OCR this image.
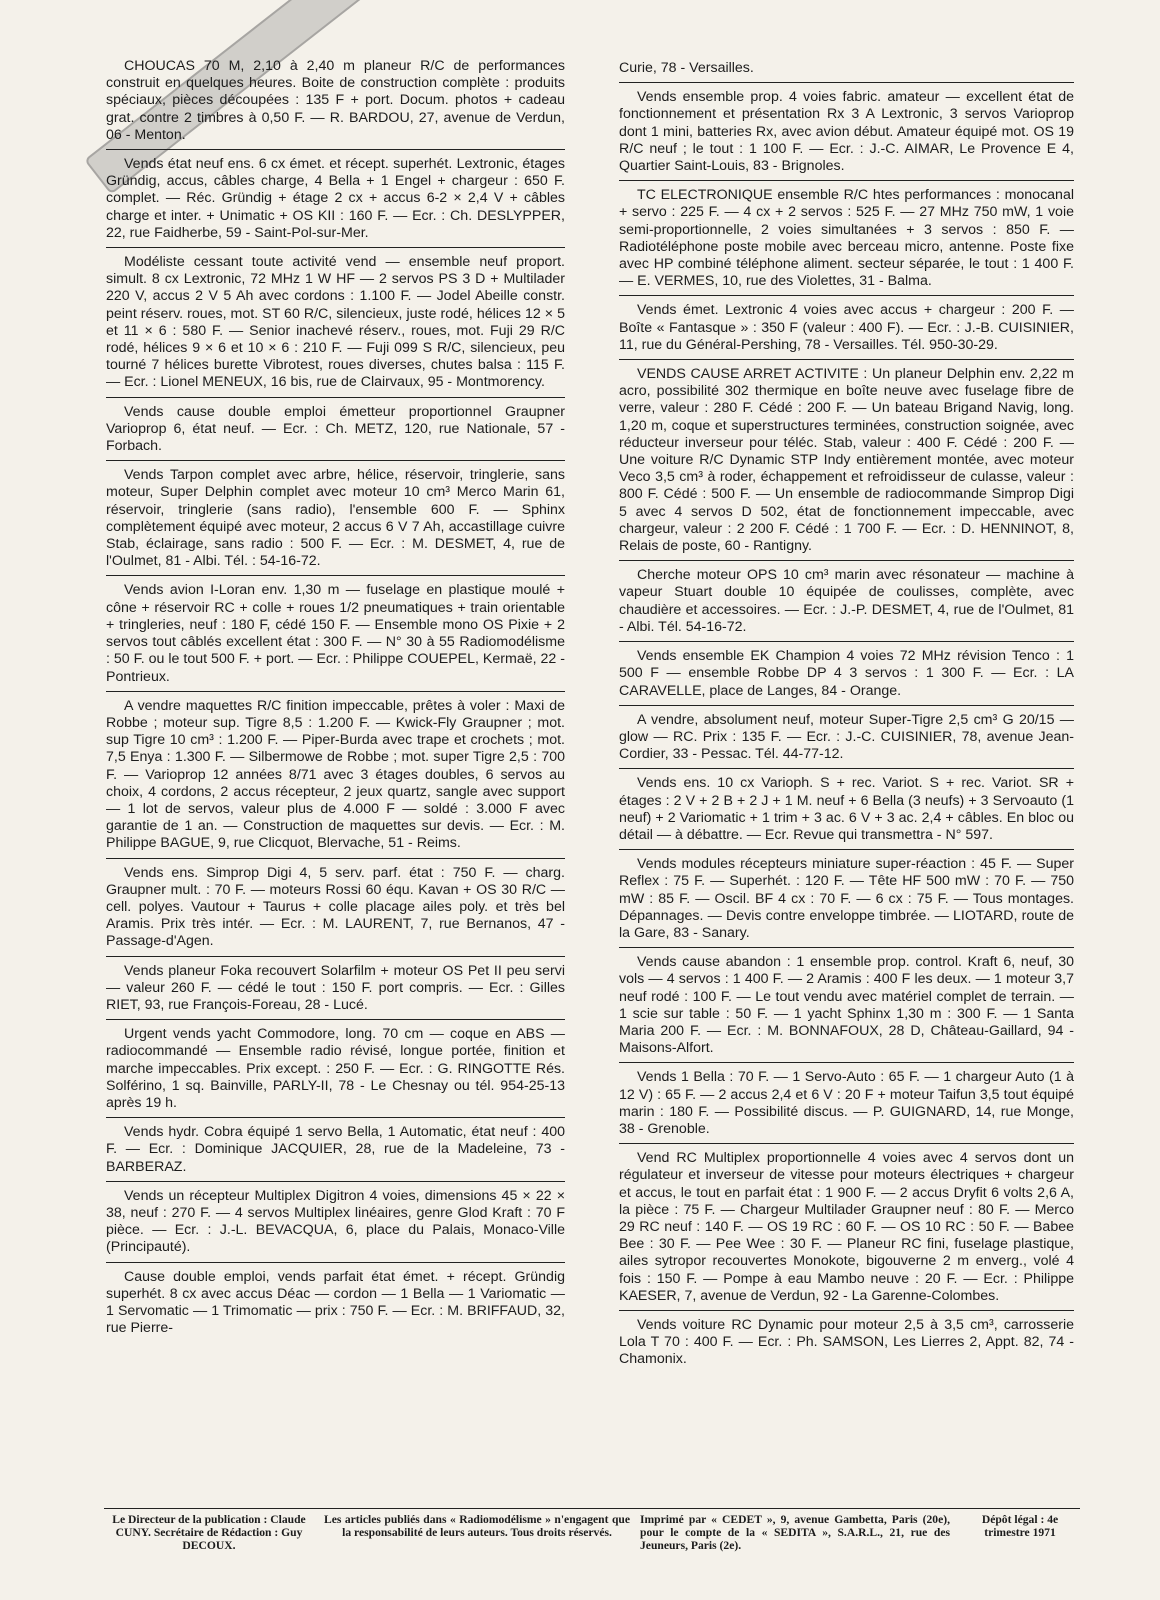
CHOUCAS 70 M, 2,10 à 2,40 m planeur R/C de performances construit en quelques heures. Boite de construction complète : produits spéciaux, pièces découpées : 135 F + port. Docum. photos + cadeau grat. contre 2 timbres à 0,50 F. — R. BARDOU, 27, avenue de Verdun, 06 - Menton.

Vends état neuf ens. 6 cx émet. et récept. superhét. Lextronic, étages Gründig, accus, câbles charge, 4 Bella + 1 Engel + chargeur : 650 F. complet. — Réc. Gründig + étage 2 cx + accus 6-2 × 2,4 V + câbles charge et inter. + Unimatic + OS KII : 160 F. — Ecr. : Ch. DESLYPPER, 22, rue Faidherbe, 59 - Saint-Pol-sur-Mer.

Modéliste cessant toute activité vend — ensemble neuf proport. simult. 8 cx Lextronic, 72 MHz 1 W HF — 2 servos PS 3 D + Multilader 220 V, accus 2 V 5 Ah avec cordons : 1.100 F. — Jodel Abeille constr. peint réserv. roues, mot. ST 60 R/C, silencieux, juste rodé, hélices 12 × 5 et 11 × 6 : 580 F. — Senior inachevé réserv., roues, mot. Fuji 29 R/C rodé, hélices 9 × 6 et 10 × 6 : 210 F. — Fuji 099 S R/C, silencieux, peu tourné 7 hélices burette Vibrotest, roues diverses, chutes balsa : 115 F. — Ecr. : Lionel MENEUX, 16 bis, rue de Clairvaux, 95 - Montmorency.

Vends cause double emploi émetteur proportionnel Graupner Varioprop 6, état neuf. — Ecr. : Ch. METZ, 120, rue Nationale, 57 - Forbach.

Vends Tarpon complet avec arbre, hélice, réservoir, tringlerie, sans moteur, Super Delphin complet avec moteur 10 cm³ Merco Marin 61, réservoir, tringlerie (sans radio), l'ensemble 600 F. — Sphinx complètement équipé avec moteur, 2 accus 6 V 7 Ah, accastillage cuivre Stab, éclairage, sans radio : 500 F. — Ecr. : M. DESMET, 4, rue de l'Oulmet, 81 - Albi. Tél. : 54-16-72.

Vends avion I-Loran env. 1,30 m — fuselage en plastique moulé + cône + réservoir RC + colle + roues 1/2 pneumatiques + train orientable + tringleries, neuf : 180 F, cédé 150 F. — Ensemble mono OS Pixie + 2 servos tout câblés excellent état : 300 F. — N° 30 à 55 Radiomodélisme : 50 F. ou le tout 500 F. + port. — Ecr. : Philippe COUEPEL, Kermaë, 22 - Pontrieux.

A vendre maquettes R/C finition impeccable, prêtes à voler : Maxi de Robbe ; moteur sup. Tigre 8,5 : 1.200 F. — Kwick-Fly Graupner ; mot. sup Tigre 10 cm³ : 1.200 F. — Piper-Burda avec trape et crochets ; mot. 7,5 Enya : 1.300 F. — Silbermowe de Robbe ; mot. super Tigre 2,5 : 700 F. — Varioprop 12 années 8/71 avec 3 étages doubles, 6 servos au choix, 4 cordons, 2 accus récepteur, 2 jeux quartz, sangle avec support — 1 lot de servos, valeur plus de 4.000 F — soldé : 3.000 F avec garantie de 1 an. — Construction de maquettes sur devis. — Ecr. : M. Philippe BAGUE, 9, rue Clicquot, Blervache, 51 - Reims.

Vends ens. Simprop Digi 4, 5 serv. parf. état : 750 F. — charg. Graupner mult. : 70 F. — moteurs Rossi 60 équ. Kavan + OS 30 R/C — cell. polyes. Vautour + Taurus + colle placage ailes poly. et très bel Aramis. Prix très intér. — Ecr. : M. LAURENT, 7, rue Bernanos, 47 - Passage-d'Agen.

Vends planeur Foka recouvert Solarfilm + moteur OS Pet II peu servi — valeur 260 F. — cédé le tout : 150 F. port compris. — Ecr. : Gilles RIET, 93, rue François-Foreau, 28 - Lucé.

Urgent vends yacht Commodore, long. 70 cm — coque en ABS — radiocommandé — Ensemble radio révisé, longue portée, finition et marche impeccables. Prix except. : 250 F. — Ecr. : G. RINGOTTE Rés. Solférino, 1 sq. Bainville, PARLY-II, 78 - Le Chesnay ou tél. 954-25-13 après 19 h.

Vends hydr. Cobra équipé 1 servo Bella, 1 Automatic, état neuf : 400 F. — Ecr. : Dominique JACQUIER, 28, rue de la Madeleine, 73 - BARBERAZ.

Vends un récepteur Multiplex Digitron 4 voies, dimensions 45 × 22 × 38, neuf : 270 F. — 4 servos Multiplex linéaires, genre Glod Kraft : 70 F pièce. — Ecr. : J.-L. BEVACQUA, 6, place du Palais, Monaco-Ville (Principauté).

Cause double emploi, vends parfait état émet. + récept. Gründig superhét. 8 cx avec accus Déac — cordon — 1 Bella — 1 Variomatic — 1 Servomatic — 1 Trimomatic — prix : 750 F. — Ecr. : M. BRIFFAUD, 32, rue Pierre-

Curie, 78 - Versailles.

Vends ensemble prop. 4 voies fabric. amateur — excellent état de fonctionnement et présentation Rx 3 A Lextronic, 3 servos Varioprop dont 1 mini, batteries Rx, avec avion début. Amateur équipé mot. OS 19 R/C neuf ; le tout : 1 100 F. — Ecr. : J.-C. AIMAR, Le Provence E 4, Quartier Saint-Louis, 83 - Brignoles.

TC ELECTRONIQUE ensemble R/C htes performances : monocanal + servo : 225 F. — 4 cx + 2 servos : 525 F. — 27 MHz 750 mW, 1 voie semi-proportionnelle, 2 voies simultanées + 3 servos : 850 F. — Radiotéléphone poste mobile avec berceau micro, antenne. Poste fixe avec HP combiné téléphone aliment. secteur séparée, le tout : 1 400 F. — E. VERMES, 10, rue des Violettes, 31 - Balma.

Vends émet. Lextronic 4 voies avec accus + chargeur : 200 F. — Boîte « Fantasque » : 350 F (valeur : 400 F). — Ecr. : J.-B. CUISINIER, 11, rue du Général-Pershing, 78 - Versailles. Tél. 950-30-29.

VENDS CAUSE ARRET ACTIVITE : Un planeur Delphin env. 2,22 m acro, possibilité 302 thermique en boîte neuve avec fuselage fibre de verre, valeur : 280 F. Cédé : 200 F. — Un bateau Brigand Navig, long. 1,20 m, coque et superstructures terminées, construction soignée, avec réducteur inverseur pour téléc. Stab, valeur : 400 F. Cédé : 200 F. — Une voiture R/C Dynamic STP Indy entièrement montée, avec moteur Veco 3,5 cm³ à roder, échappement et refroidisseur de culasse, valeur : 800 F. Cédé : 500 F. — Un ensemble de radiocommande Simprop Digi 5 avec 4 servos D 502, état de fonctionnement impeccable, avec chargeur, valeur : 2 200 F. Cédé : 1 700 F. — Ecr. : D. HENNINOT, 8, Relais de poste, 60 - Rantigny.

Cherche moteur OPS 10 cm³ marin avec résonateur — machine à vapeur Stuart double 10 équipée de coulisses, complète, avec chaudière et accessoires. — Ecr. : J.-P. DESMET, 4, rue de l'Oulmet, 81 - Albi. Tél. 54-16-72.

Vends ensemble EK Champion 4 voies 72 MHz révision Tenco : 1 500 F — ensemble Robbe DP 4 3 servos : 1 300 F. — Ecr. : LA CARAVELLE, place de Langes, 84 - Orange.

A vendre, absolument neuf, moteur Super-Tigre 2,5 cm³ G 20/15 — glow — RC. Prix : 135 F. — Ecr. : J.-C. CUISINIER, 78, avenue Jean-Cordier, 33 - Pessac. Tél. 44-77-12.

Vends ens. 10 cx Varioph. S + rec. Variot. S + rec. Variot. SR + étages : 2 V + 2 B + 2 J + 1 M. neuf + 6 Bella (3 neufs) + 3 Servoauto (1 neuf) + 2 Variomatic + 1 trim + 3 ac. 6 V + 3 ac. 2,4 + câbles. En bloc ou détail — à débattre. — Ecr. Revue qui transmettra - N° 597.

Vends modules récepteurs miniature super-réaction : 45 F. — Super Reflex : 75 F. — Superhét. : 120 F. — Tête HF 500 mW : 70 F. — 750 mW : 85 F. — Oscil. BF 4 cx : 70 F. — 6 cx : 75 F. — Tous montages. Dépannages. — Devis contre enveloppe timbrée. — LIOTARD, route de la Gare, 83 - Sanary.

Vends cause abandon : 1 ensemble prop. control. Kraft 6, neuf, 30 vols — 4 servos : 1 400 F. — 2 Aramis : 400 F les deux. — 1 moteur 3,7 neuf rodé : 100 F. — Le tout vendu avec matériel complet de terrain. — 1 scie sur table : 50 F. — 1 yacht Sphinx 1,30 m : 300 F. — 1 Santa Maria 200 F. — Ecr. : M. BONNAFOUX, 28 D, Château-Gaillard, 94 - Maisons-Alfort.

Vends 1 Bella : 70 F. — 1 Servo-Auto : 65 F. — 1 chargeur Auto (1 à 12 V) : 65 F. — 2 accus 2,4 et 6 V : 20 F + moteur Taifun 3,5 tout équipé marin : 180 F. — Possibilité discus. — P. GUIGNARD, 14, rue Monge, 38 - Grenoble.

Vend RC Multiplex proportionnelle 4 voies avec 4 servos dont un régulateur et inverseur de vitesse pour moteurs électriques + chargeur et accus, le tout en parfait état : 1 900 F. — 2 accus Dryfit 6 volts 2,6 A, la pièce : 75 F. — Chargeur Multilader Graupner neuf : 80 F. — Merco 29 RC neuf : 140 F. — OS 19 RC : 60 F. — OS 10 RC : 50 F. — Babee Bee : 30 F. — Pee Wee : 30 F. — Planeur RC fini, fuselage plastique, ailes sytropor recouvertes Monokote, bigouverne 2 m enverg., volé 4 fois : 150 F. — Pompe à eau Mambo neuve : 20 F. — Ecr. : Philippe KAESER, 7, avenue de Verdun, 92 - La Garenne-Colombes.

Vends voiture RC Dynamic pour moteur 2,5 à 3,5 cm³, carrosserie Lola T 70 : 400 F. — Ecr. : Ph. SAMSON, Les Lierres 2, Appt. 82, 74 - Chamonix.

Le Directeur de la publication : Claude CUNY. Secrétaire de Rédaction : Guy DECOUX.
Les articles publiés dans « Radiomodélisme » n'engagent que la responsabilité de leurs auteurs. Tous droits réservés.
Imprimé par « CEDET », 9, avenue Gambetta, Paris (20e), pour le compte de la « SEDITA », S.A.R.L., 21, rue des Jeuneurs, Paris (2e).
Dépôt légal : 4e trimestre 1971
